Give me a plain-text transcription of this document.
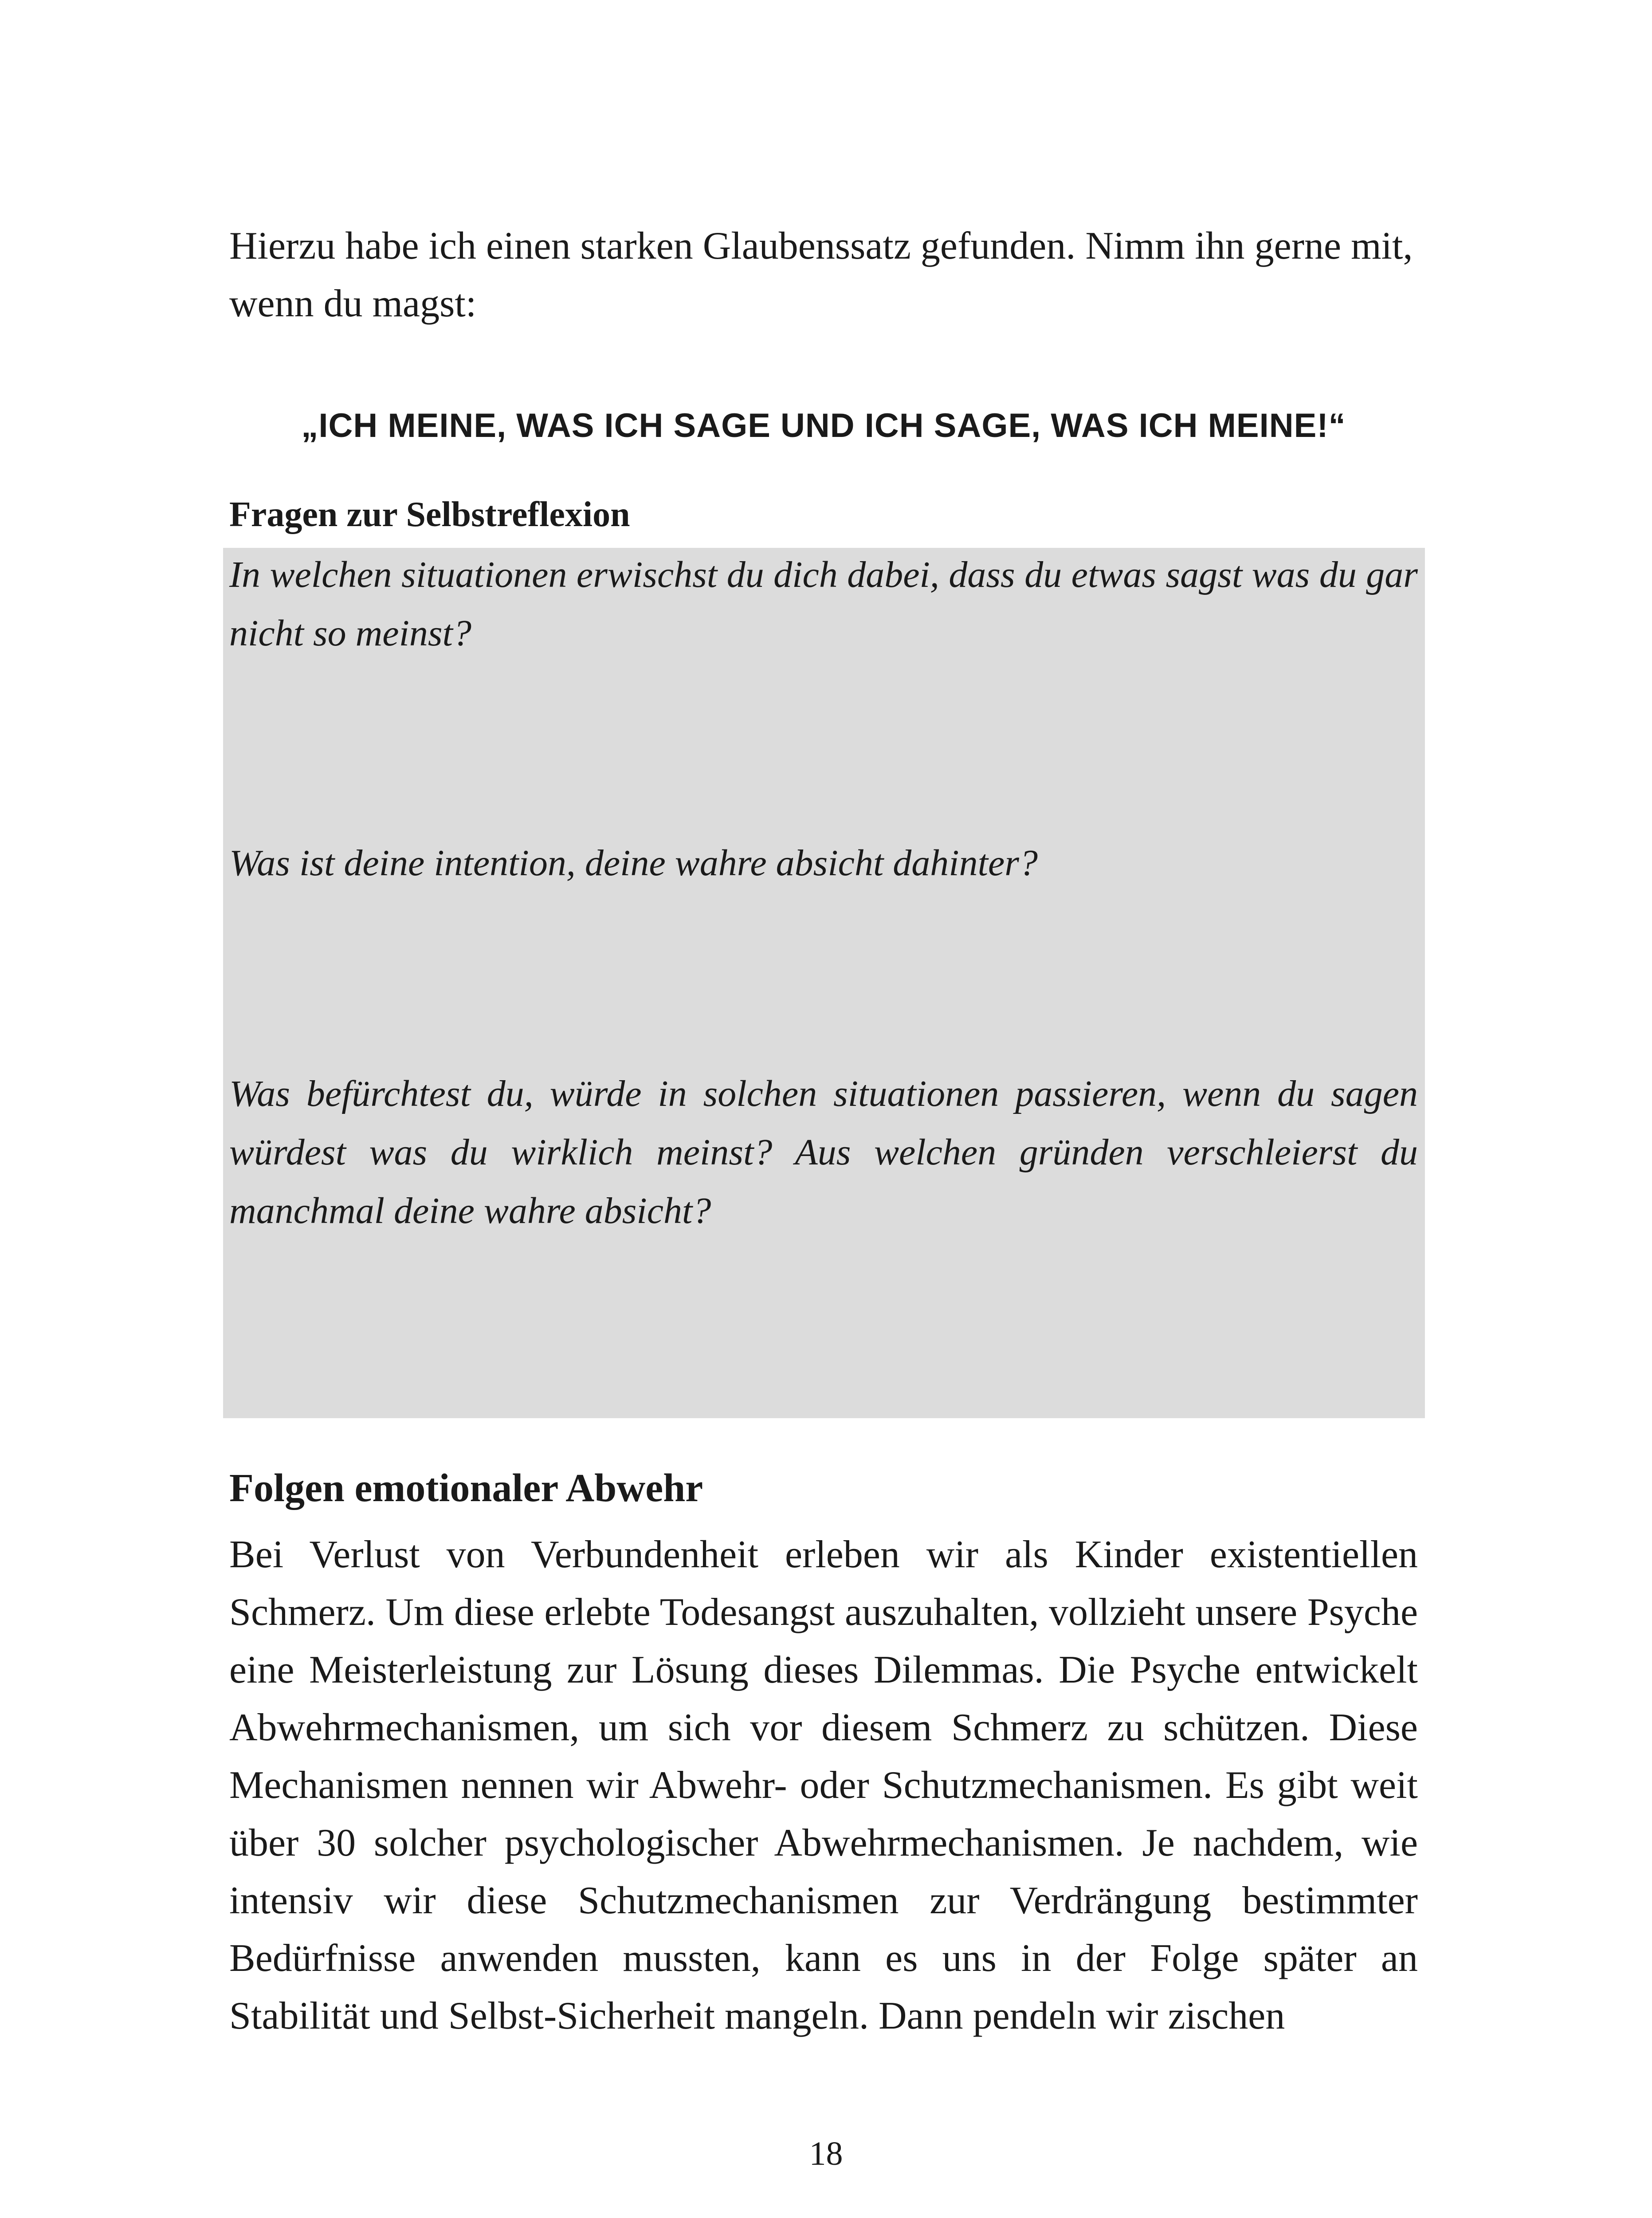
Hierzu habe ich einen starken Glaubenssatz gefunden. Nimm ihn gerne mit, wenn du magst:

„ICH MEINE, WAS ICH SAGE UND ICH SAGE, WAS ICH MEINE!“
Fragen zur Selbstreflexion
In welchen situationen erwischst du dich dabei, dass du etwas sagst was du gar nicht so meinst?
Was ist deine intention, deine wahre absicht dahinter?
Was befürchtest du, würde in solchen situationen passieren, wenn du sagen würdest was du wirklich meinst? Aus welchen gründen verschleierst du manchmal deine wahre absicht?
Folgen emotionaler Abwehr

Bei Verlust von Verbundenheit erleben wir als Kinder existentiellen Schmerz. Um diese erlebte Todesangst auszuhalten, vollzieht unsere Psyche eine Meisterleistung zur Lösung dieses Dilemmas. Die Psyche entwickelt Abwehrmechanismen, um sich vor diesem Schmerz zu schützen. Diese Mechanismen nennen wir Abwehr- oder Schutzmechanismen. Es gibt weit über 30 solcher psychologischer Abwehrmechanismen. Je nachdem, wie intensiv wir diese Schutzmechanismen zur Verdrängung bestimmter Bedürfnisse anwenden mussten, kann es uns in der Folge später an Stabilität und Selbst-Sicherheit mangeln. Dann pendeln wir zischen

18
